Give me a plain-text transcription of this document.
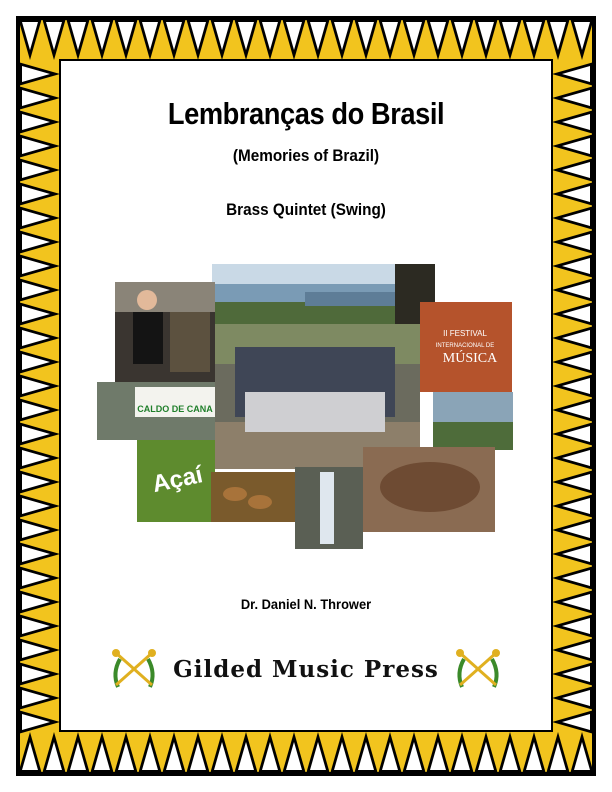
Lembranças do Brasil
(Memories of Brazil)
Brass Quintet (Swing)
II FESTIVAL
INTERNACIONAL DE
MÚSICA
CALDO DE CANA
Açaí
Dr. Daniel N. Thrower
Gilded Music Press
